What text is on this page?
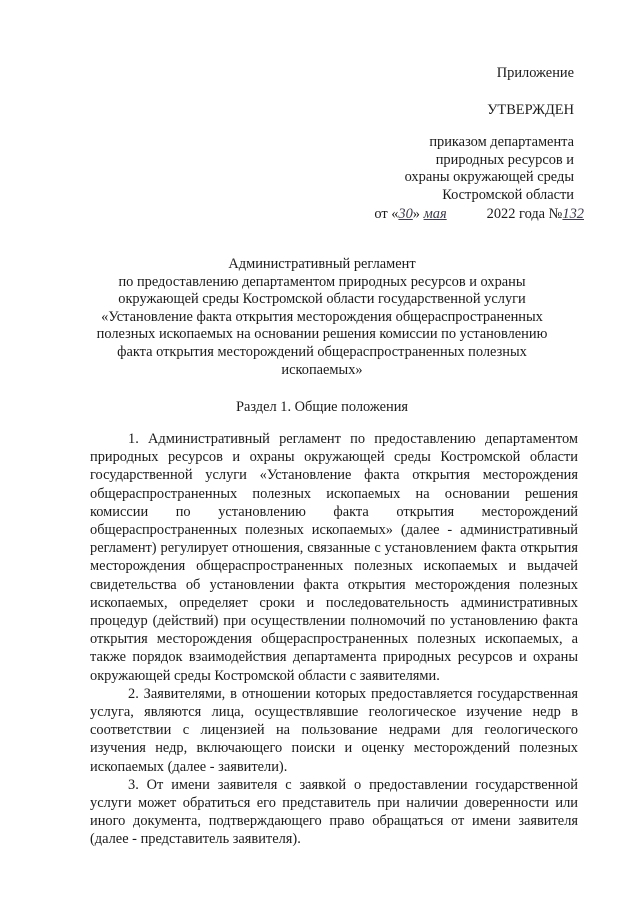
Приложение
УТВЕРЖДЕН
приказом департамента
природных ресурсов и
охраны окружающей среды
Костромской области
от «30» мая     2022 года №132
Административный регламент
по предоставлению департаментом природных ресурсов и охраны
окружающей среды Костромской области государственной услуги
«Установление факта открытия месторождения общераспространенных
полезных ископаемых на основании решения комиссии по установлению
факта открытия месторождений общераспространенных полезных
ископаемых»
Раздел 1. Общие положения

1. Административный регламент по предоставлению департаментом природных ресурсов и охраны окружающей среды Костромской области государственной услуги «Установление факта открытия месторождения общераспространенных полезных ископаемых на основании решения комиссии по установлению факта открытия месторождений общераспространенных полезных ископаемых» (далее - административный регламент) регулирует отношения, связанные с установлением факта открытия месторождения общераспространенных полезных ископаемых и выдачей свидетельства об установлении факта открытия месторождения полезных ископаемых, определяет сроки и последовательность административных процедур (действий) при осуществлении полномочий по установлению факта открытия месторождения общераспространенных полезных ископаемых, а также порядок взаимодействия департамента природных ресурсов и охраны окружающей среды Костромской области с заявителями.

2. Заявителями, в отношении которых предоставляется государственная услуга, являются лица, осуществлявшие геологическое изучение недр в соответствии с лицензией на пользование недрами для геологического изучения недр, включающего поиски и оценку месторождений полезных ископаемых (далее - заявители).

3. От имени заявителя с заявкой о предоставлении государственной услуги может обратиться его представитель при наличии доверенности или иного документа, подтверждающего право обращаться от имени заявителя (далее - представитель заявителя).
